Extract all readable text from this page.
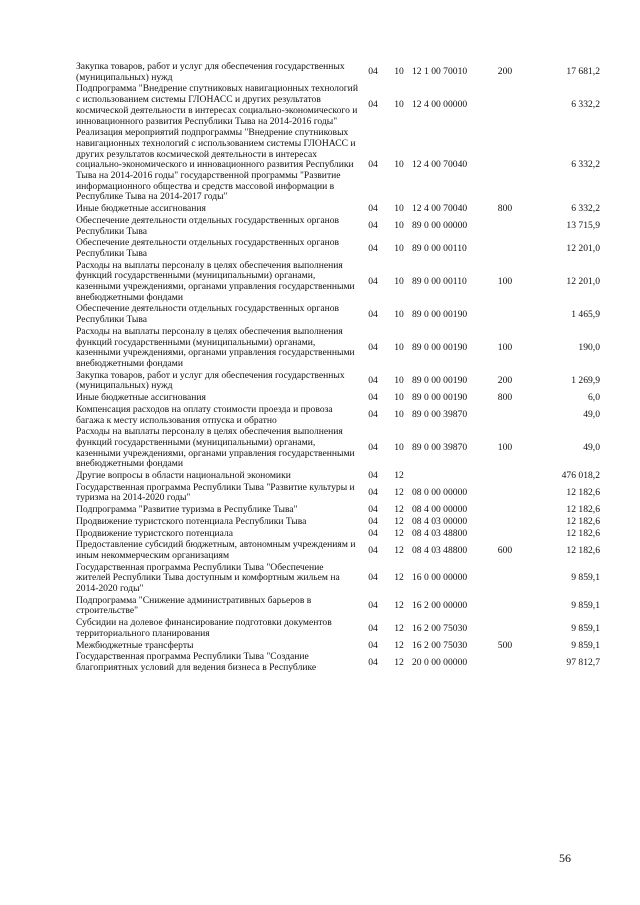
Закупка товаров, работ и услуг для обеспечения государственных (муниципальных) нужд	04	10	12 1 00 70010	200	17 681,2
Подпрограмма "Внедрение спутниковых навигационных технологий с использованием системы ГЛОНАСС и других результатов космической деятельности в интересах социально-экономического и инновационного развития Республики Тыва на 2014-2016 годы"	04	10	12 4 00 00000		6 332,2
Реализация мероприятий подпрограммы "Внедрение спутниковых навигационных технологий с использованием системы ГЛОНАСС и других результатов космической деятельности в интересах социально-экономического и инновационного развития Республики Тыва на 2014-2016 годы" государственной программы "Развитие информационного общества и средств массовой информации в Республике Тыва на 2014-2017 годы"	04	10	12 4 00 70040		6 332,2
Иные бюджетные ассигнования	04	10	12 4 00 70040	800	6 332,2
Обеспечение деятельности отдельных государственных органов Республики Тыва	04	10	89 0 00 00000		13 715,9
Обеспечение деятельности отдельных государственных органов Республики Тыва	04	10	89 0 00 00110		12 201,0
Расходы на выплаты персоналу в целях обеспечения выполнения функций государственными (муниципальными) органами, казенными учреждениями, органами управления государственными внебюджетными фондами	04	10	89 0 00 00110	100	12 201,0
Обеспечение деятельности отдельных государственных органов Республики Тыва	04	10	89 0 00 00190		1 465,9
Расходы на выплаты персоналу в целях обеспечения выполнения функций государственными (муниципальными) органами, казенными учреждениями, органами управления государственными внебюджетными фондами	04	10	89 0 00 00190	100	190,0
Закупка товаров, работ и услуг для обеспечения государственных (муниципальных) нужд	04	10	89 0 00 00190	200	1 269,9
Иные бюджетные ассигнования	04	10	89 0 00 00190	800	6,0
Компенсация расходов на оплату стоимости проезда и провоза багажа к месту использования отпуска и обратно	04	10	89 0 00 39870		49,0
Расходы на выплаты персоналу в целях обеспечения выполнения функций государственными (муниципальными) органами, казенными учреждениями, органами управления государственными внебюджетными фондами	04	10	89 0 00 39870	100	49,0
Другие вопросы в области национальной экономики	04	12			476 018,2
Государственная программа Республики Тыва "Развитие культуры и туризма на 2014-2020 годы"	04	12	08 0 00 00000		12 182,6
Подпрограмма "Развитие туризма в Республике Тыва"	04	12	08 4 00 00000		12 182,6
Продвижение туристского потенциала Республики Тыва	04	12	08 4 03 00000		12 182,6
Продвижение туристского потенциала	04	12	08 4 03 48800		12 182,6
Предоставление субсидий бюджетным, автономным учреждениям и иным некоммерческим организациям	04	12	08 4 03 48800	600	12 182,6
Государственная программа Республики Тыва "Обеспечение жителей Республики Тыва доступным и комфортным жильем на 2014-2020 годы"	04	12	16 0 00 00000		9 859,1
Подпрограмма "Снижение административных барьеров в строительстве"	04	12	16 2 00 00000		9 859,1
Субсидии на долевое финансирование подготовки документов территориального планирования	04	12	16 2 00 75030		9 859,1
Межбюджетные трансферты	04	12	16 2 00 75030	500	9 859,1
Государственная программа Республики Тыва "Создание благоприятных условий для ведения бизнеса в Республике	04	12	20 0 00 00000		97 812,7
56
